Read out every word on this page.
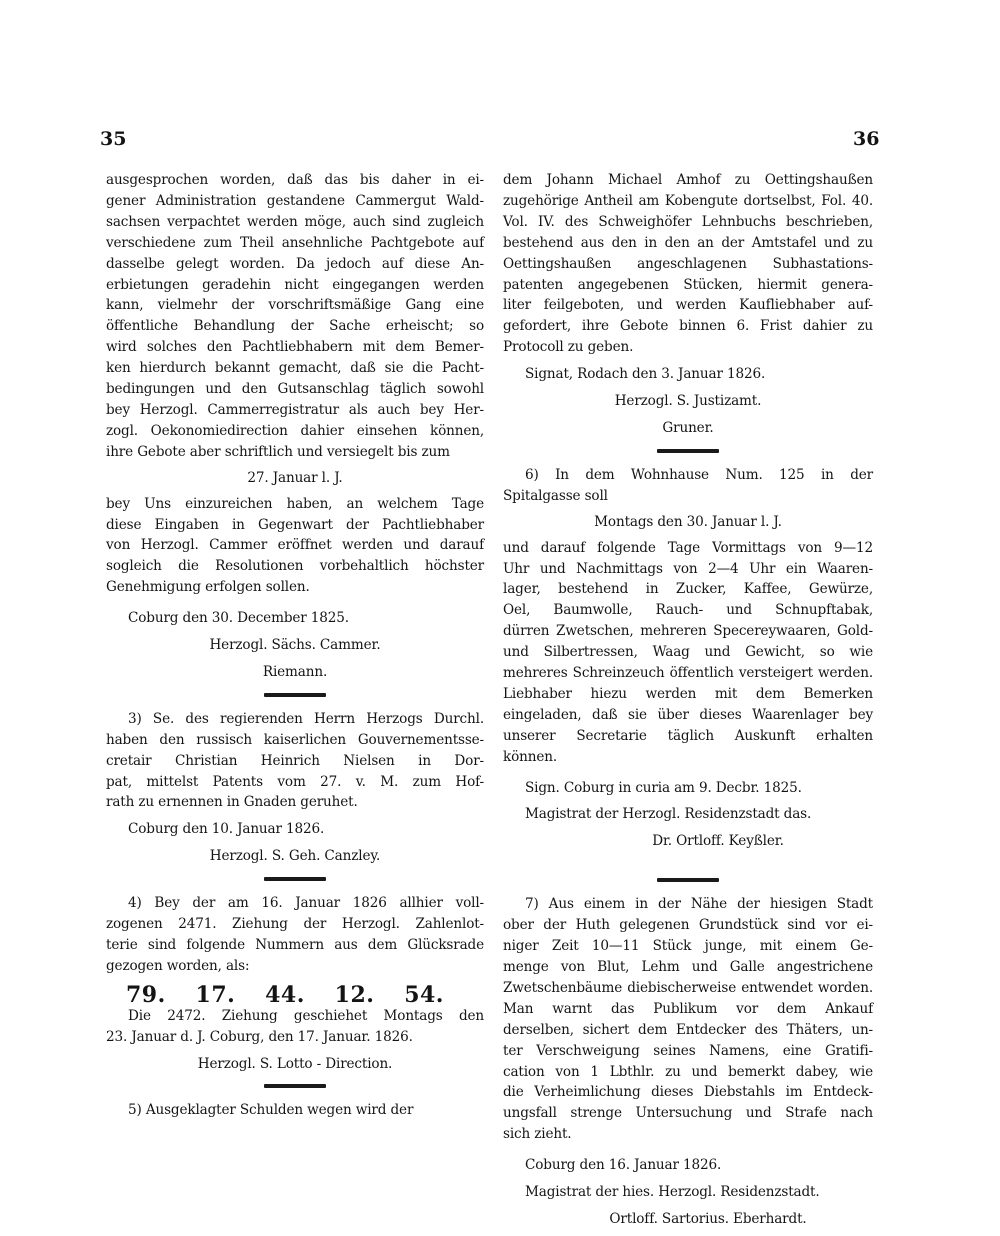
35	36

ausgesprochen worden, daß das bis daher in ei-
gener Administration gestandene Cammergut Wald-
sachsen verpachtet werden möge, auch sind zugleich
verschiedene zum Theil ansehnliche Pachtgebote auf
dasselbe gelegt worden. Da jedoch auf diese An-
erbietungen geradehin nicht eingegangen werden
kann, vielmehr der vorschriftsmäßige Gang eine
öffentliche Behandlung der Sache erheischt; so
wird solches den Pachtliebhabern mit dem Bemer-
ken hierdurch bekannt gemacht, daß sie die Pacht-
bedingungen und den Gutsanschlag täglich sowohl
bey Herzogl. Cammerregistratur als auch bey Her-
zogl. Oekonomiedirection dahier einsehen können,
ihre Gebote aber schriftlich und versiegelt bis zum

27. Januar l. J.

bey Uns einzureichen haben, an welchem Tage
diese Eingaben in Gegenwart der Pachtliebhaber
von Herzogl. Cammer eröffnet werden und darauf
sogleich die Resolutionen vorbehaltlich höchster
Genehmigung erfolgen sollen.

Coburg den 30. December 1825.
Herzogl. Sächs. Cammer.
Riemann.

3) Se. des regierenden Herrn Herzogs Durchl.
haben den russisch kaiserlichen Gouvernementsse-
cretair Christian Heinrich Nielsen in Dor-
pat, mittelst Patents vom 27. v. M. zum Hof-
rath zu ernennen in Gnaden geruhet.

Coburg den 10. Januar 1826.
Herzogl. S. Geh. Canzley.

4) Bey der am 16. Januar 1826 allhier voll-
zogenen 2471. Ziehung der Herzogl. Zahlenlot-
terie sind folgende Nummern aus dem Glücksrade
gezogen worden, als:

79. 17. 44. 12. 54.

Die 2472. Ziehung geschiehet Montags den
23. Januar d. J. Coburg, den 17. Januar. 1826.

Herzogl. S. Lotto - Direction.
5) Ausgeklagter Schulden wegen wird der

dem Johann Michael Amhof zu Oettingshaußen
zugehörige Antheil am Kobengute dortselbst, Fol. 40.
Vol. IV. des Schweighöfer Lehnbuchs beschrieben,
bestehend aus den in den an der Amtstafel und zu
Oettingshaußen angeschlagenen Subhastations-
patenten angegebenen Stücken, hiermit genera-
liter feilgeboten, und werden Kaufliebhaber auf-
gefordert, ihre Gebote binnen 6. Frist dahier zu
Protocoll zu geben.

Signat, Rodach den 3. Januar 1826.
Herzogl. S. Justizamt.
Gruner.

6) In dem Wohnhause Num. 125 in der
Spitalgasse soll

Montags den 30. Januar l. J.

und darauf folgende Tage Vormittags von 9—12
Uhr und Nachmittags von 2—4 Uhr ein Waaren-
lager, bestehend in Zucker, Kaffee, Gewürze,
Oel, Baumwolle, Rauch- und Schnupftabak,
dürren Zwetschen, mehreren Specereywaaren, Gold-
und Silbertressen, Waag und Gewicht, so wie
mehreres Schreinzeuch öffentlich versteigert werden.
Liebhaber hiezu werden mit dem Bemerken
eingeladen, daß sie über dieses Waarenlager bey
unserer Secretarie täglich Auskunft erhalten
können.

Sign. Coburg in curia am 9. Decbr. 1825.
Magistrat der Herzogl. Residenzstadt das.
Dr. Ortloff. Keyßler.

7) Aus einem in der Nähe der hiesigen Stadt
ober der Huth gelegenen Grundstück sind vor ei-
niger Zeit 10—11 Stück junge, mit einem Ge-
menge von Blut, Lehm und Galle angestrichene
Zwetschenbäume diebischerweise entwendet worden.
Man warnt das Publikum vor dem Ankauf
derselben, sichert dem Entdecker des Thäters, un-
ter Verschweigung seines Namens, eine Gratifi-
cation von 1 Lbthlr. zu und bemerkt dabey, wie
die Verheimlichung dieses Diebstahls im Entdeck-
ungsfall strenge Untersuchung und Strafe nach
sich zieht.

Coburg den 16. Januar 1826.
Magistrat der hies. Herzogl. Residenzstadt.
Ortloff. Sartorius. Eberhardt.
